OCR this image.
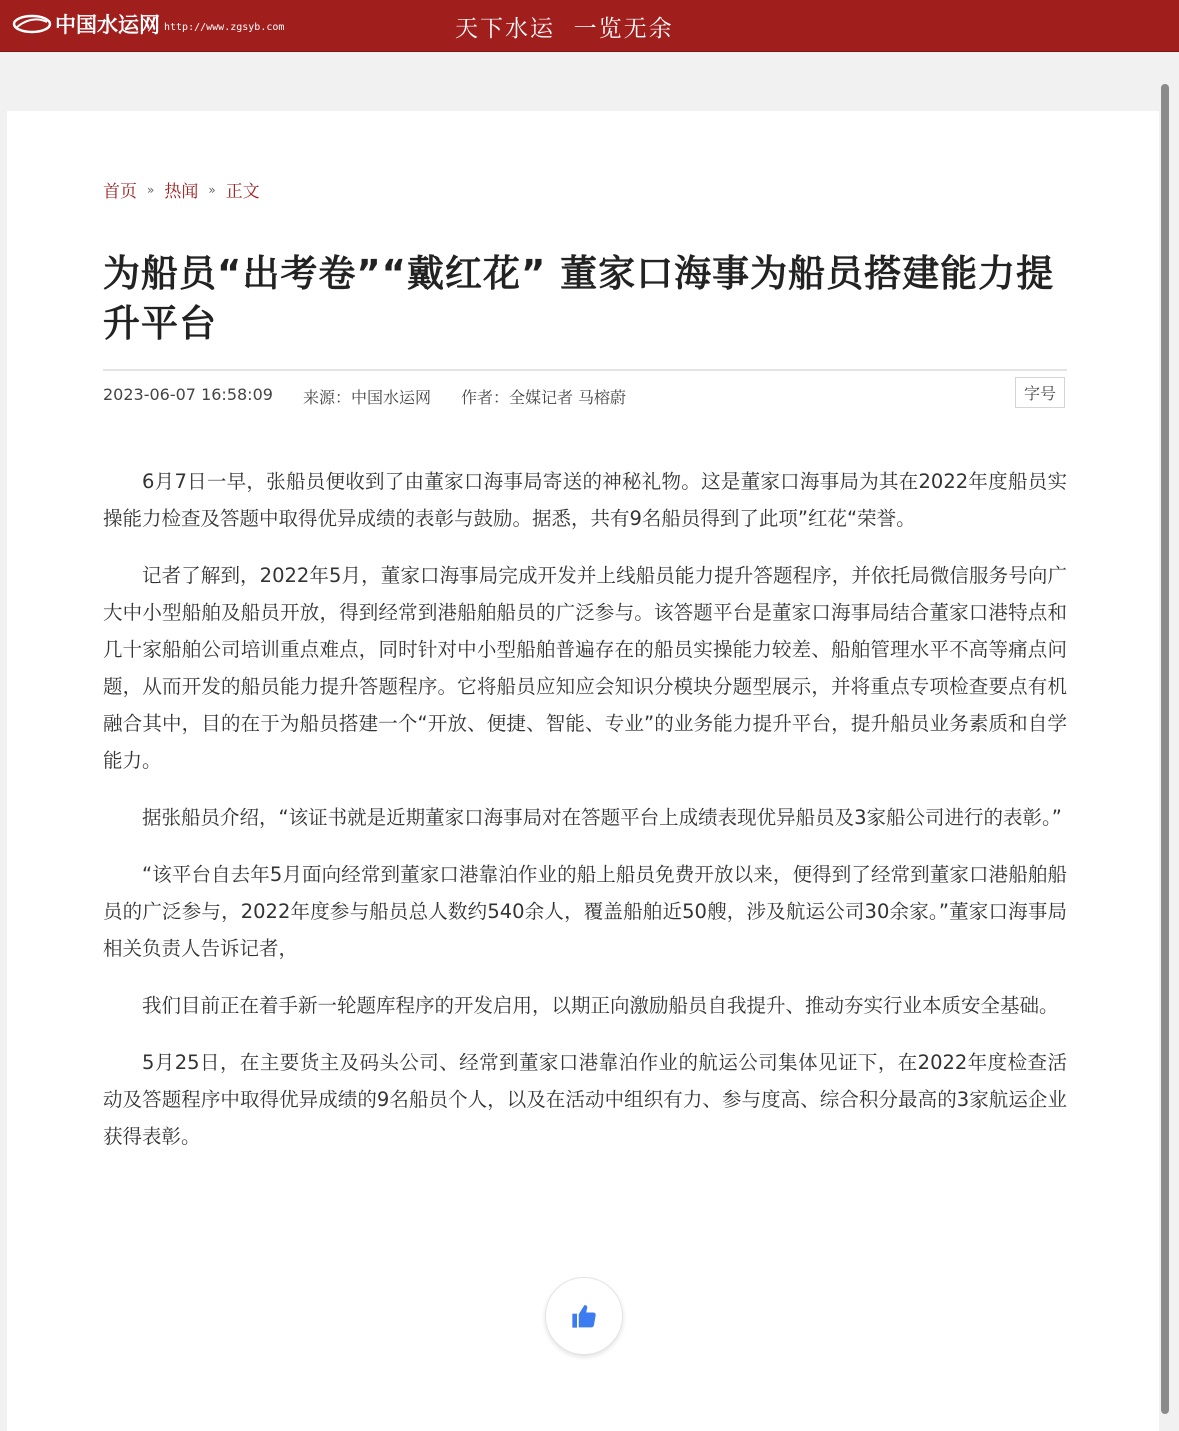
中国水运网 http://www.zgsyb.com	天下水运  一览无余
首页 » 热闻 » 正文
为船员“出考卷”“戴红花” 董家口海事为船员搭建能力提升平台
2023-06-07 16:58:09 来源：中国水运网 作者：全媒记者 马榕蔚	字号

6月7日一早，张船员便收到了由董家口海事局寄送的神秘礼物。这是董家口海事局为其在2022年度船员实操能力检查及答题中取得优异成绩的表彰与鼓励。据悉，共有9名船员得到了此项”红花“荣誉。

记者了解到，2022年5月，董家口海事局完成开发并上线船员能力提升答题程序，并依托局微信服务号向广大中小型船舶及船员开放，得到经常到港船舶船员的广泛参与。该答题平台是董家口海事局结合董家口港特点和几十家船舶公司培训重点难点，同时针对中小型船舶普遍存在的船员实操能力较差、船舶管理水平不高等痛点问题，从而开发的船员能力提升答题程序。它将船员应知应会知识分模块分题型展示，并将重点专项检查要点有机融合其中，目的在于为船员搭建一个“开放、便捷、智能、专业”的业务能力提升平台，提升船员业务素质和自学能力。

据张船员介绍，“该证书就是近期董家口海事局对在答题平台上成绩表现优异船员及3家船公司进行的表彰。”

“该平台自去年5月面向经常到董家口港靠泊作业的船上船员免费开放以来，便得到了经常到董家口港船舶船员的广泛参与，2022年度参与船员总人数约540余人，覆盖船舶近50艘，涉及航运公司30余家。”董家口海事局相关负责人告诉记者，

我们目前正在着手新一轮题库程序的开发启用，以期正向激励船员自我提升、推动夯实行业本质安全基础。

5月25日，在主要货主及码头公司、经常到董家口港靠泊作业的航运公司集体见证下，在2022年度检查活动及答题程序中取得优异成绩的9名船员个人，以及在活动中组织有力、参与度高、综合积分最高的3家航运企业获得表彰。
